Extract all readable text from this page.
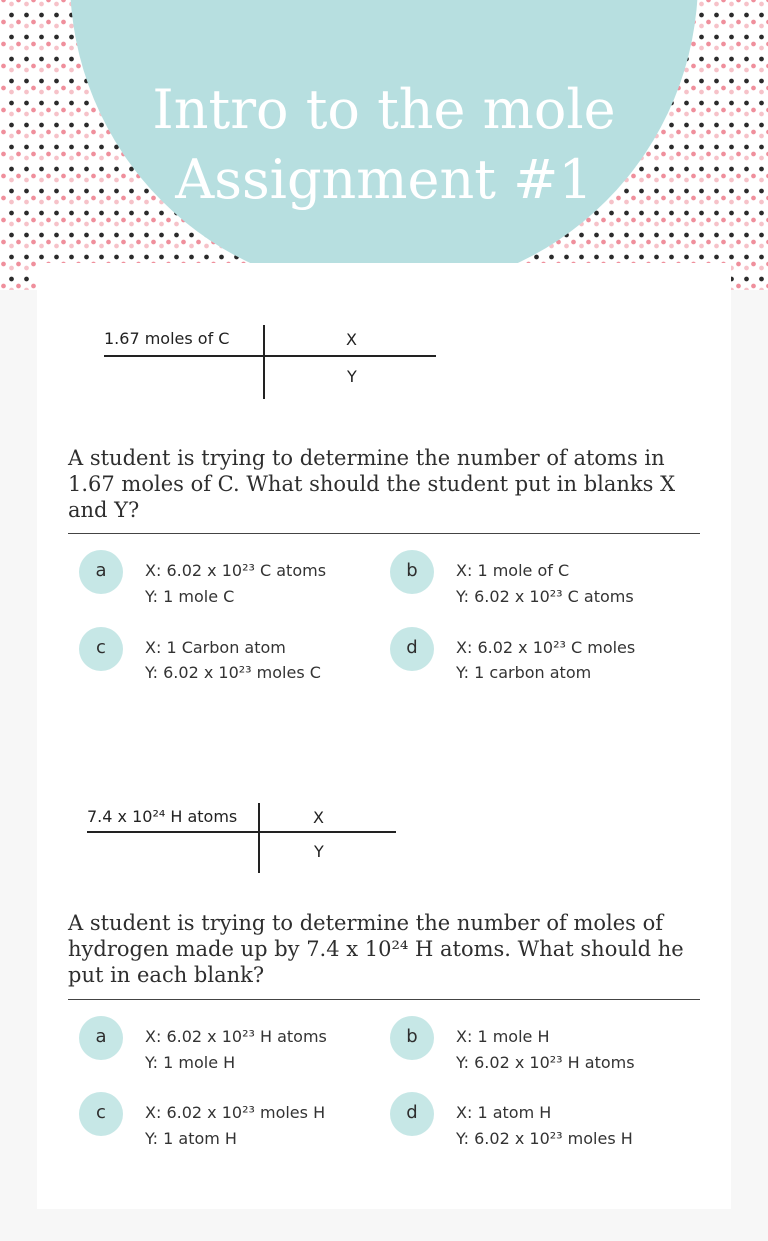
Intro to the mole
Assignment #1
1.67 moles of C	X
Y

A student is trying to determine the number of atoms in 1.67 moles of C. What should the student put in blanks X and Y?

a	X: 6.02 x 10²³ C atoms
Y: 1 mole C
b	X: 1 mole of C
Y: 6.02 x 10²³ C atoms
c	X: 1 Carbon atom
Y: 6.02 x 10²³ moles C
d	X: 6.02 x 10²³ C moles
Y: 1 carbon atom
7.4 x 10²⁴ H atoms	X
Y

A student is trying to determine the number of moles of hydrogen made up by 7.4 x 10²⁴ H atoms. What should he put in each blank?

a	X: 6.02 x 10²³ H atoms
Y: 1 mole H
b	X: 1 mole H
Y: 6.02 x 10²³ H atoms
c	X: 6.02 x 10²³ moles H
Y: 1 atom H
d	X: 1 atom H
Y: 6.02 x 10²³ moles H
